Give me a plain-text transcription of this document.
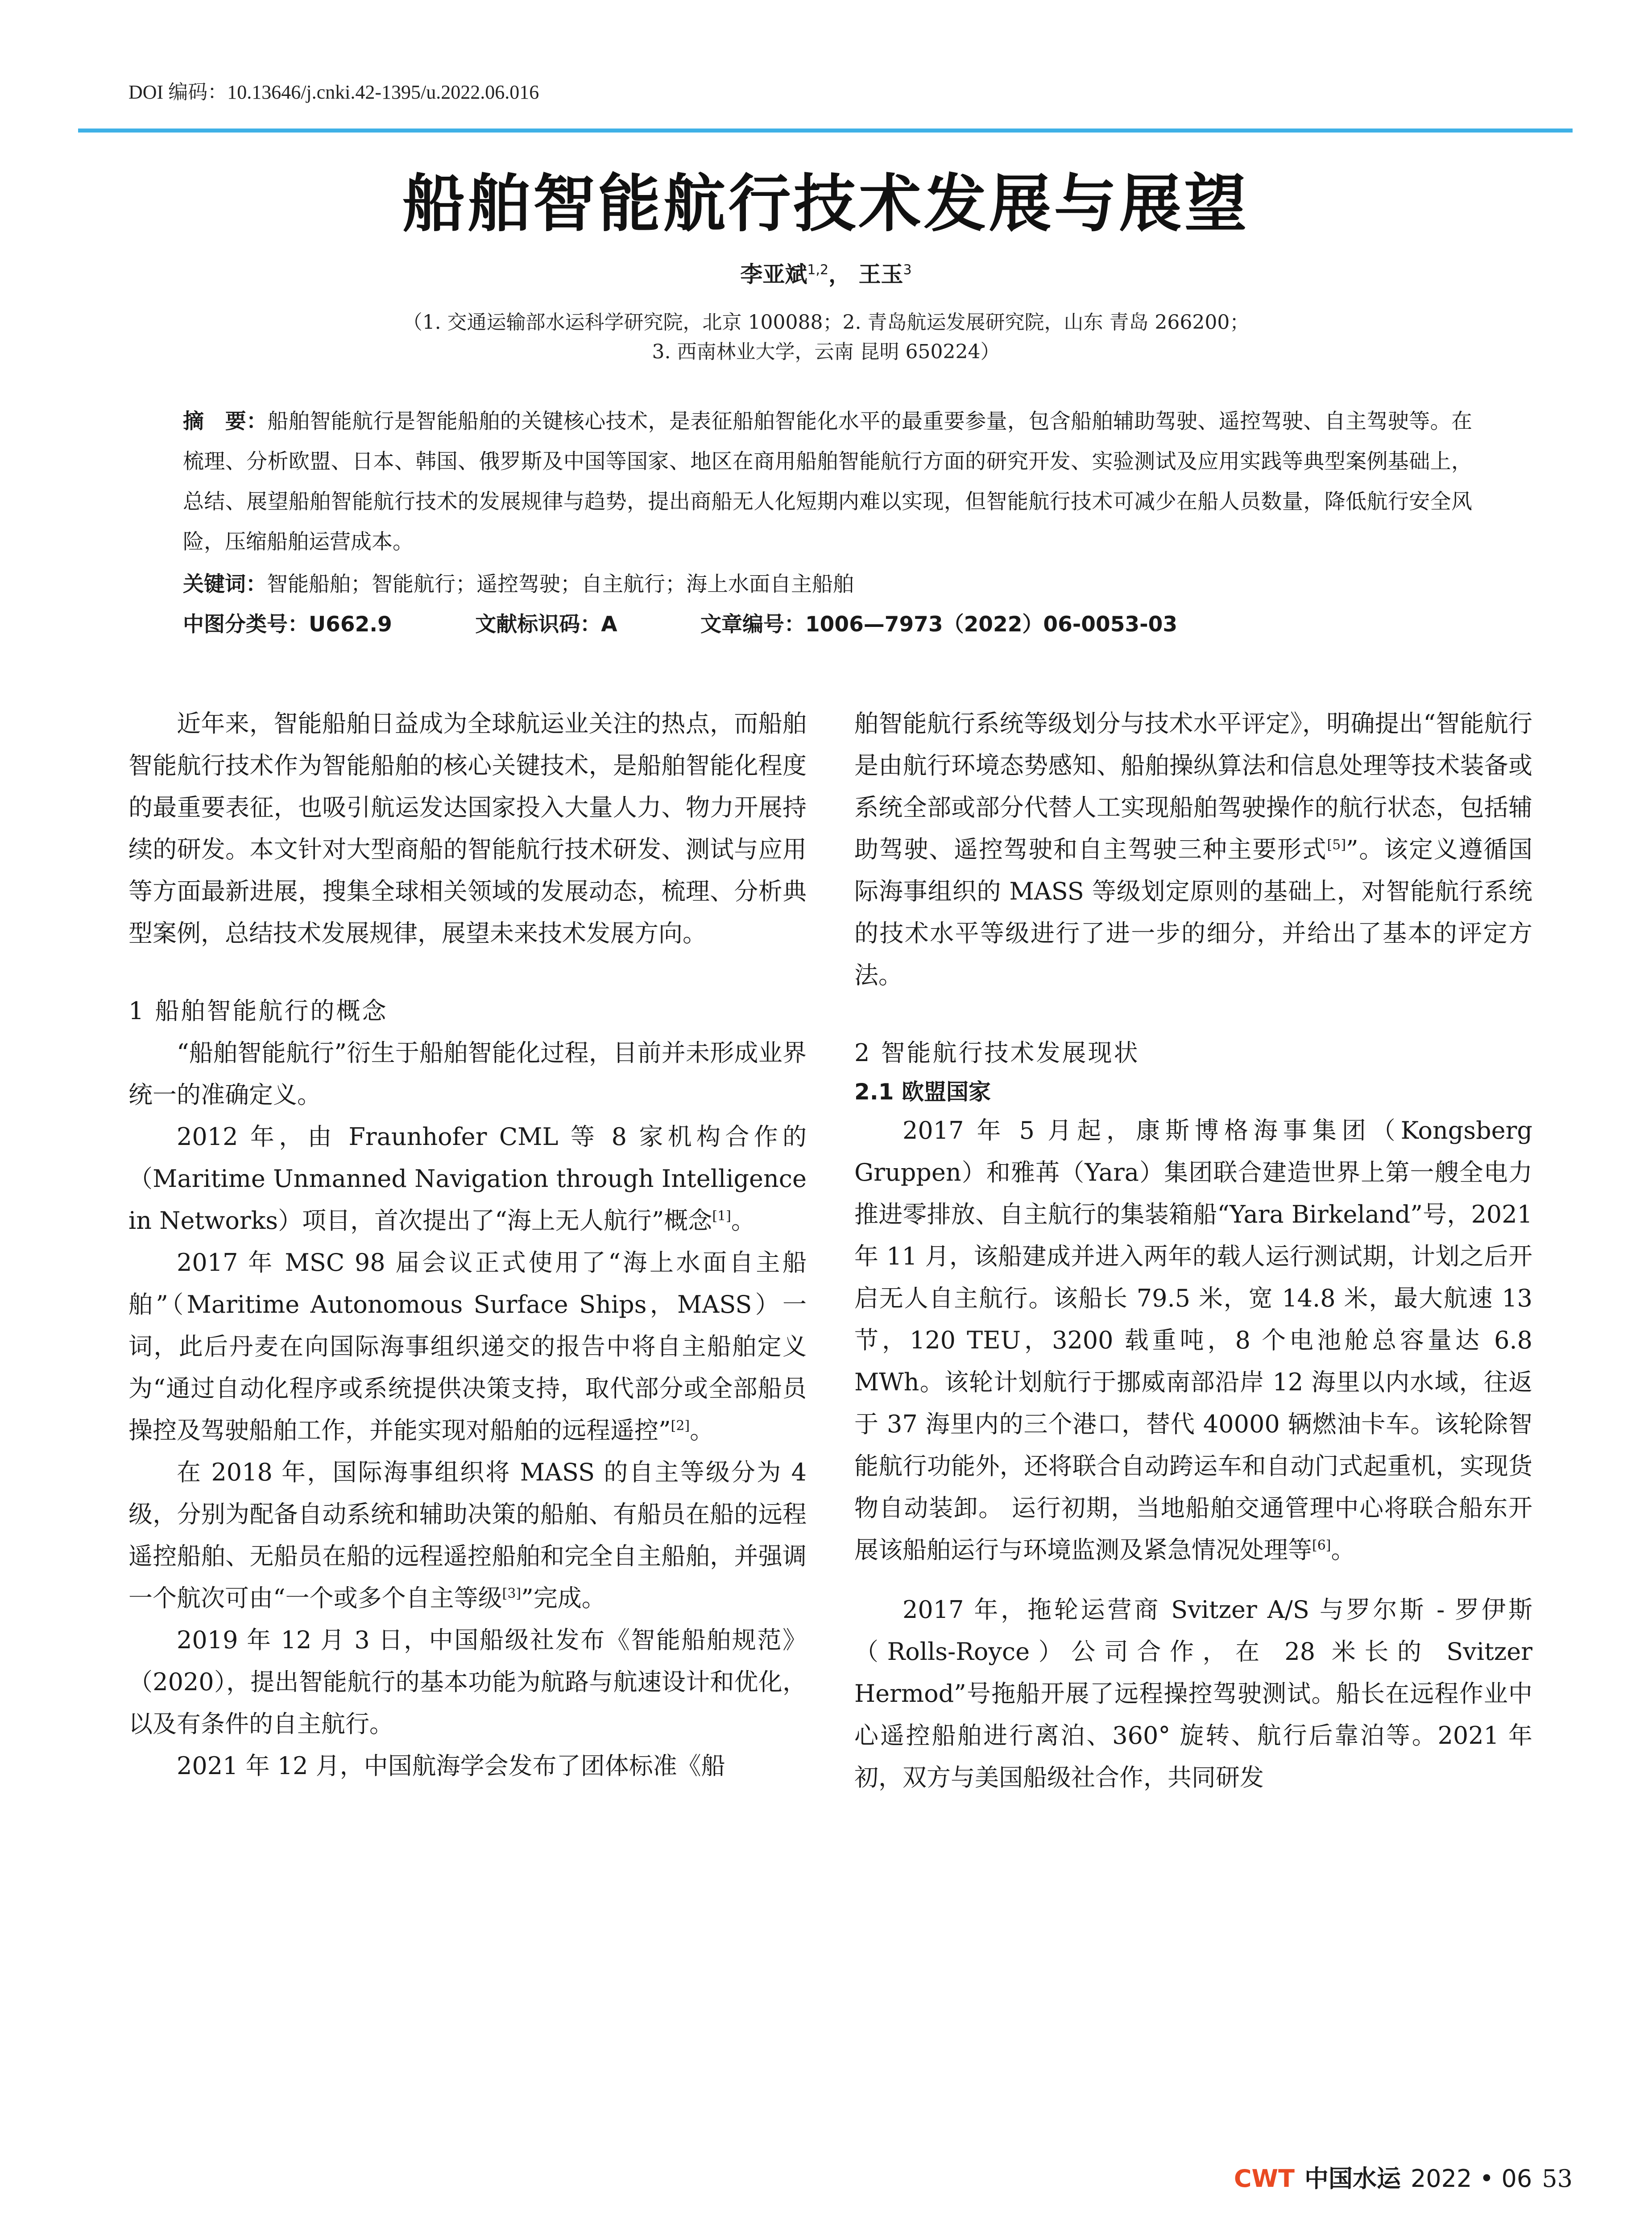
DOI 编码：10.13646/j.cnki.42-1395/u.2022.06.016
船舶智能航行技术发展与展望
李亚斌$^{1,2}$， 王玉$^3$
（1. 交通运输部水运科学研究院，北京 100088；2. 青岛航运发展研究院，山东 青岛 266200；
3. 西南林业大学，云南 昆明 650224）
摘　要：船舶智能航行是智能船舶的关键核心技术，是表征船舶智能化水平的最重要参量，包含船舶辅助驾驶、遥控驾驶、自主驾驶等。在梳理、分析欧盟、日本、韩国、俄罗斯及中国等国家、地区在商用船舶智能航行方面的研究开发、实验测试及应用实践等典型案例基础上，总结、展望船舶智能航行技术的发展规律与趋势，提出商船无人化短期内难以实现，但智能航行技术可减少在船人员数量，降低航行安全风险，压缩船舶运营成本。
关键词：智能船舶；智能航行；遥控驾驶；自主航行；海上水面自主船舶
中图分类号：U662.9	文献标识码：A	文章编号：1006—7973（2022）06-0053-03

近年来，智能船舶日益成为全球航运业关注的热点，而船舶智能航行技术作为智能船舶的核心关键技术，是船舶智能化程度的最重要表征，也吸引航运发达国家投入大量人力、物力开展持续的研发。本文针对大型商船的智能航行技术研发、测试与应用等方面最新进展，搜集全球相关领域的发展动态，梳理、分析典型案例，总结技术发展规律，展望未来技术发展方向。

1 船舶智能航行的概念

“船舶智能航行”衍生于船舶智能化过程，目前并未形成业界统一的准确定义。

2012 年，由 Fraunhofer CML 等 8 家机构合作的（Maritime Unmanned Navigation through Intelligence in Networks）项目，首次提出了“海上无人航行”概念[1]。

2017 年 MSC 98 届会议正式使用了“海上水面自主船舶”（Maritime Autonomous Surface Ships，MASS）一词，此后丹麦在向国际海事组织递交的报告中将自主船舶定义为“通过自动化程序或系统提供决策支持，取代部分或全部船员操控及驾驶船舶工作，并能实现对船舶的远程遥控”[2]。

在 2018 年，国际海事组织将 MASS 的自主等级分为 4 级，分别为配备自动系统和辅助决策的船舶、有船员在船的远程遥控船舶、无船员在船的远程遥控船舶和完全自主船舶，并强调一个航次可由“一个或多个自主等级[3]”完成。

2019 年 12 月 3 日，中国船级社发布《智能船舶规范》（2020），提出智能航行的基本功能为航路与航速设计和优化，以及有条件的自主航行。

2021 年 12 月，中国航海学会发布了团体标准《船

舶智能航行系统等级划分与技术水平评定》，明确提出“智能航行是由航行环境态势感知、船舶操纵算法和信息处理等技术装备或系统全部或部分代替人工实现船舶驾驶操作的航行状态，包括辅助驾驶、遥控驾驶和自主驾驶三种主要形式[5]”。该定义遵循国际海事组织的 MASS 等级划定原则的基础上，对智能航行系统的技术水平等级进行了进一步的细分，并给出了基本的评定方法。

2 智能航行技术发展现状
2.1 欧盟国家

2017 年 5 月起，康斯博格海事集团（Kongsberg Gruppen）和雅苒（Yara）集团联合建造世界上第一艘全电力推进零排放、自主航行的集装箱船“Yara Birkeland”号，2021 年 11 月，该船建成并进入两年的载人运行测试期，计划之后开启无人自主航行。该船长 79.5 米，宽 14.8 米，最大航速 13 节，120 TEU，3200 载重吨，8 个电池舱总容量达 6.8 MWh。该轮计划航行于挪威南部沿岸 12 海里以内水域，往返于 37 海里内的三个港口，替代 40000 辆燃油卡车。该轮除智能航行功能外，还将联合自动跨运车和自动门式起重机，实现货物自动装卸。 运行初期，当地船舶交通管理中心将联合船东开展该船舶运行与环境监测及紧急情况处理等[6]。

2017 年，拖轮运营商 Svitzer A/S 与罗尔斯 - 罗伊斯（Rolls-Royce）公司合作，在 28 米长的 Svitzer Hermod”号拖船开展了远程操控驾驶测试。船长在远程作业中心遥控船舶进行离泊、360° 旋转、航行后靠泊等。2021 年初，双方与美国船级社合作，共同研发

CWT 中国水运 2022 • 06 53
